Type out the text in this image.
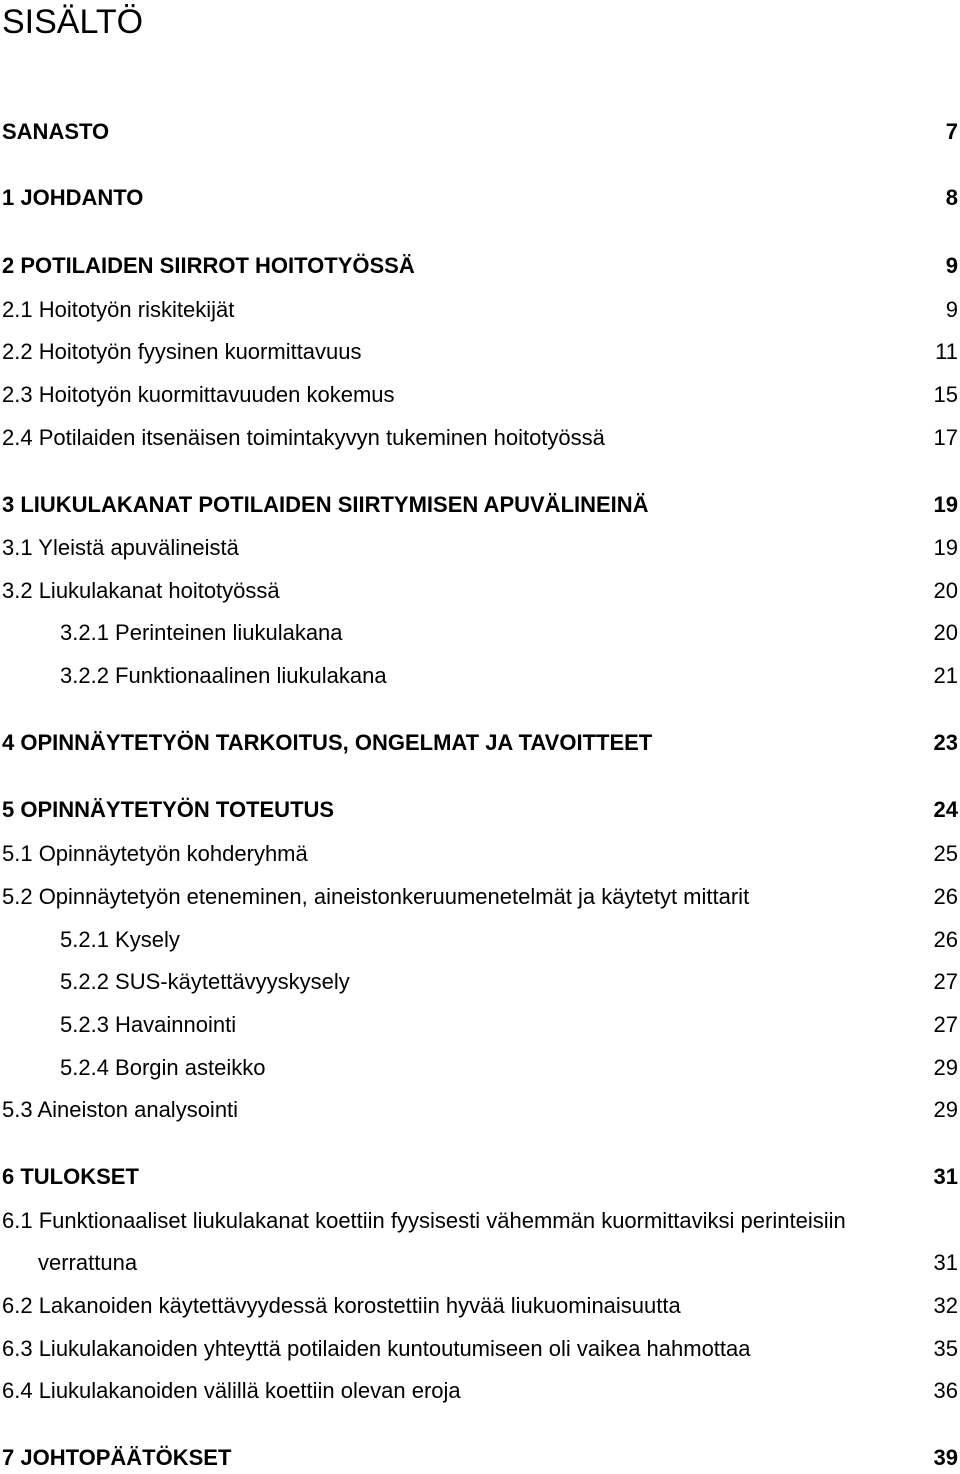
SISÄLTÖ
SANASTO	7
1 JOHDANTO	8
2 POTILAIDEN SIIRROT HOITOTYÖSSÄ	9
2.1 Hoitotyön riskitekijät	9
2.2 Hoitotyön fyysinen kuormittavuus	11
2.3 Hoitotyön kuormittavuuden kokemus	15
2.4 Potilaiden itsenäisen toimintakyvyn tukeminen hoitotyössä	17
3 LIUKULAKANAT POTILAIDEN SIIRTYMISEN APUVÄLINEINÄ	19
3.1 Yleistä apuvälineistä	19
3.2 Liukulakanat hoitotyössä	20
3.2.1 Perinteinen liukulakana	20
3.2.2 Funktionaalinen liukulakana	21
4 OPINNÄYTETYÖN TARKOITUS, ONGELMAT JA TAVOITTEET	23
5 OPINNÄYTETYÖN TOTEUTUS	24
5.1 Opinnäytetyön kohderyhmä	25
5.2 Opinnäytetyön eteneminen, aineistonkeruumenetelmät ja käytetyt mittarit	26
5.2.1 Kysely	26
5.2.2 SUS-käytettävyyskysely	27
5.2.3 Havainnointi	27
5.2.4 Borgin asteikko	29
5.3 Aineiston analysointi	29
6 TULOKSET	31
6.1 Funktionaaliset liukulakanat koettiin fyysisesti vähemmän kuormittaviksi perinteisiin
verrattuna	31
6.2 Lakanoiden käytettävyydessä korostettiin hyvää liukuominaisuutta	32
6.3 Liukulakanoiden yhteyttä potilaiden kuntoutumiseen oli vaikea hahmottaa	35
6.4 Liukulakanoiden välillä koettiin olevan eroja	36
7 JOHTOPÄÄTÖKSET	39
